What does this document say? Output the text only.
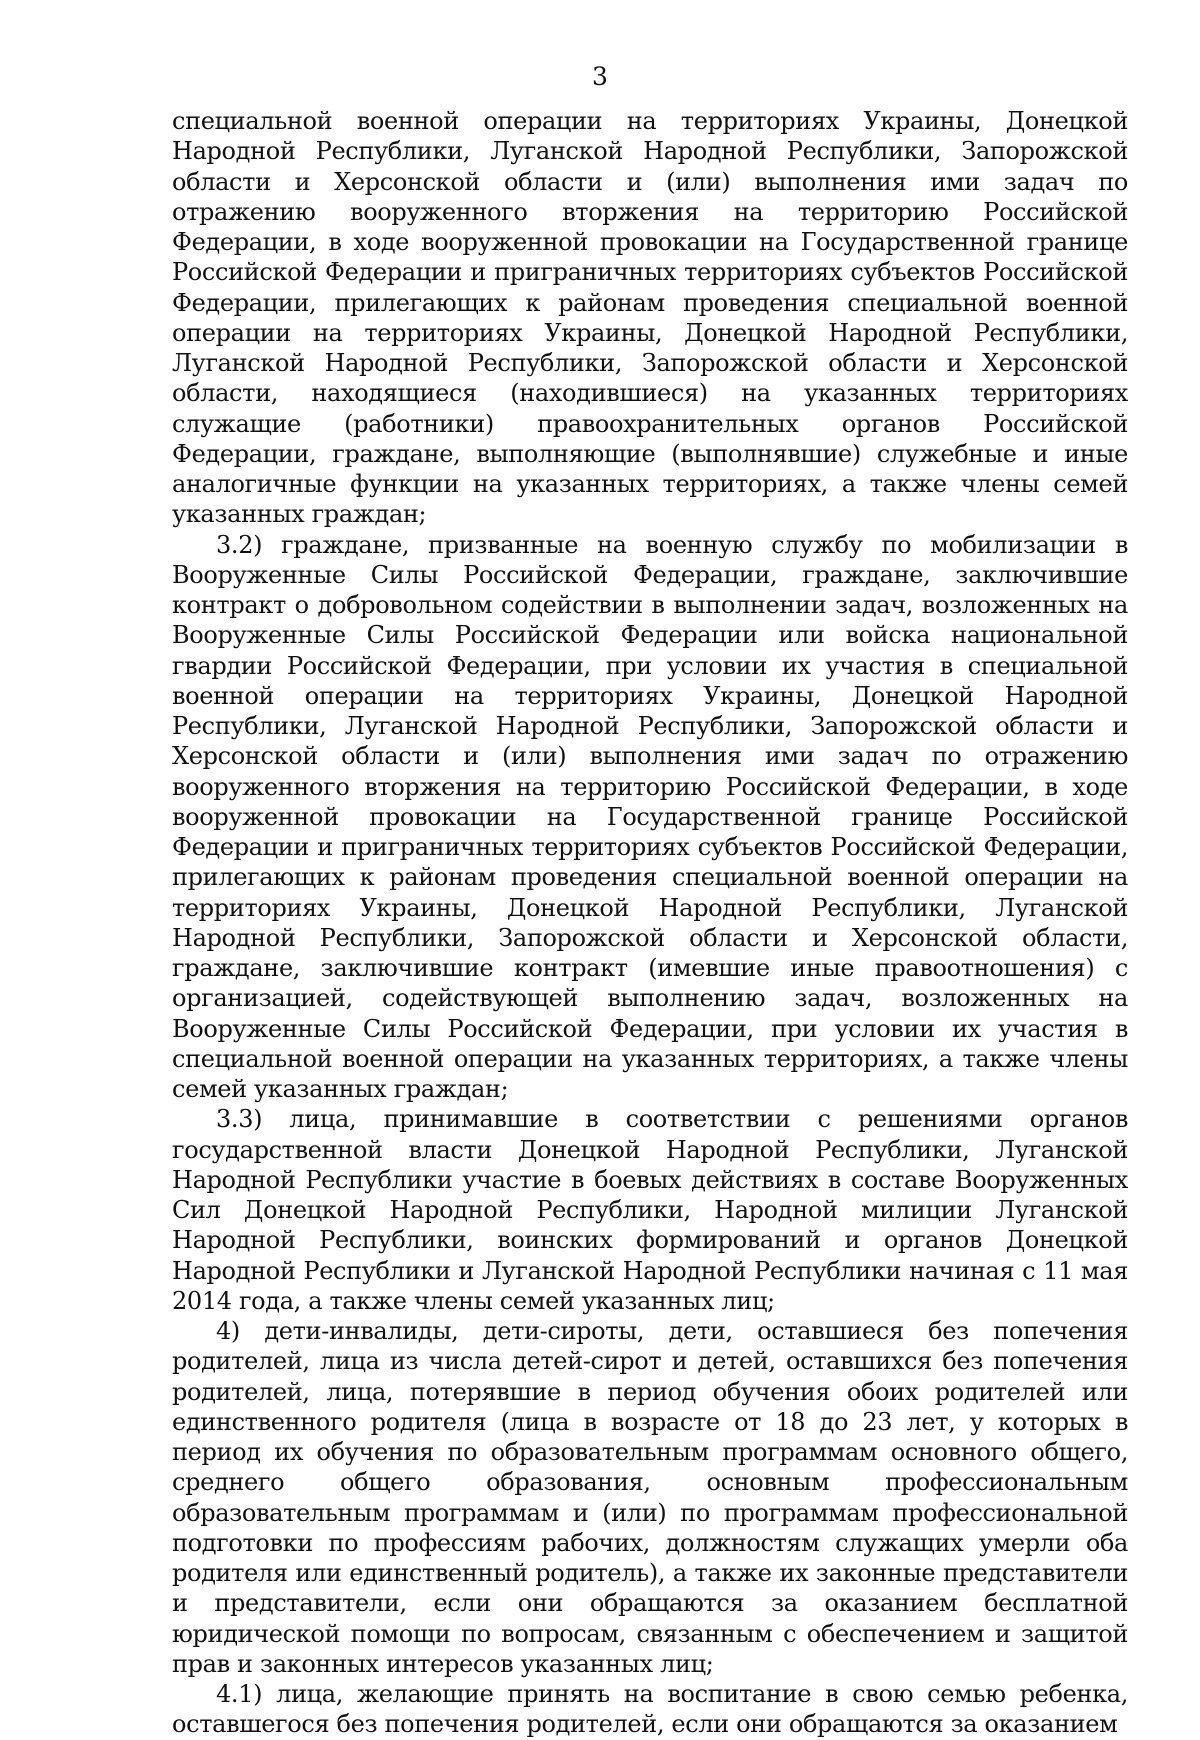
3

специальной военной операции на территориях Украины, Донецкой Народной Республики, Луганской Народной Республики, Запорожской области и Херсонской области и (или) выполнения ими задач по отражению вооруженного вторжения на территорию Российской Федерации, в ходе вооруженной провокации на Государственной границе Российской Федерации и приграничных территориях субъектов Российской Федерации, прилегающих к районам проведения специальной военной операции на территориях Украины, Донецкой Народной Республики, Луганской Народной Республики, Запорожской области и Херсонской области, находящиеся (находившиеся) на указанных территориях служащие (работники) правоохранительных органов Российской Федерации, граждане, выполняющие (выполнявшие) служебные и иные аналогичные функции на указанных территориях, а также члены семей указанных граждан;

3.2) граждане, призванные на военную службу по мобилизации в Вооруженные Силы Российской Федерации, граждане, заключившие контракт о добровольном содействии в выполнении задач, возложенных на Вооруженные Силы Российской Федерации или войска национальной гвардии Российской Федерации, при условии их участия в специальной военной операции на территориях Украины, Донецкой Народной Республики, Луганской Народной Республики, Запорожской области и Херсонской области и (или) выполнения ими задач по отражению вооруженного вторжения на территорию Российской Федерации, в ходе вооруженной провокации на Государственной границе Российской Федерации и приграничных территориях субъектов Российской Федерации, прилегающих к районам проведения специальной военной операции на территориях Украины, Донецкой Народной Республики, Луганской Народной Республики, Запорожской области и Херсонской области, граждане, заключившие контракт (имевшие иные правоотношения) с организацией, содействующей выполнению задач, возложенных на Вооруженные Силы Российской Федерации, при условии их участия в специальной военной операции на указанных территориях, а также члены семей указанных граждан;

3.3) лица, принимавшие в соответствии с решениями органов государственной власти Донецкой Народной Республики, Луганской Народной Республики участие в боевых действиях в составе Вооруженных Сил Донецкой Народной Республики, Народной милиции Луганской Народной Республики, воинских формирований и органов Донецкой Народной Республики и Луганской Народной Республики начиная с 11 мая 2014 года, а также члены семей указанных лиц;

4) дети-инвалиды, дети-сироты, дети, оставшиеся без попечения родителей, лица из числа детей-сирот и детей, оставшихся без попечения родителей, лица, потерявшие в период обучения обоих родителей или единственного родителя (лица в возрасте от 18 до 23 лет, у которых в период их обучения по образовательным программам основного общего, среднего общего образования, основным профессиональным образовательным программам и (или) по программам профессиональной подготовки по профессиям рабочих, должностям служащих умерли оба родителя или единственный родитель), а также их законные представители и представители, если они обращаются за оказанием бесплатной юридической помощи по вопросам, связанным с обеспечением и защитой прав и законных интересов указанных лиц;

4.1) лица, желающие принять на воспитание в свою семью ребенка, оставшегося без попечения родителей, если они обращаются за оказанием
